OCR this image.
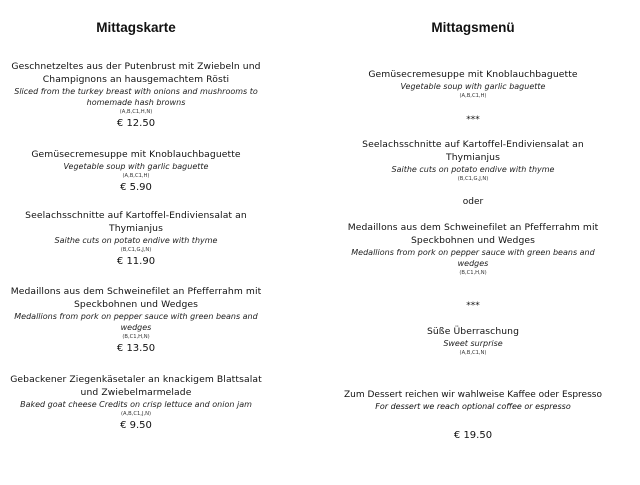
Mittagskarte
Geschnetzeltes aus der Putenbrust mit Zwiebeln und Champignons an hausgemachtem Rösti
Sliced from the turkey breast with onions and mushrooms to homemade hash browns
(A,B,C1,H,N)
€ 12.50
Gemüsecremesuppe mit Knoblauchbaguette
Vegetable soup with garlic baguette
(A,B,C1,H)
€ 5.90
Seelachsschnitte auf Kartoffel-Endiviensalat an Thymianjus
Saithe cuts on potato endive with thyme
(B,C1,G,J,N)
€ 11.90
Medaillons aus dem Schweinefilet an Pfefferrahm mit Speckbohnen und Wedges
Medallions from pork on pepper sauce with green beans and wedges
(B,C1,H,N)
€ 13.50
Gebackener Ziegenkäsetaler an knackigem Blattsalat und Zwiebelmarmelade
Baked goat cheese Credits on crisp lettuce and onion jam
(A,B,C1,J,N)
€ 9.50
Mittagsmenü
Gemüsecremesuppe mit Knoblauchbaguette
Vegetable soup with garlic baguette
(A,B,C1,H)
***
Seelachsschnitte auf Kartoffel-Endiviensalat an Thymianjus
Saithe cuts on potato endive with thyme
(B,C1,G,J,N)
oder
Medaillons aus dem Schweinefilet an Pfefferrahm mit Speckbohnen und Wedges
Medallions from pork on pepper sauce with green beans and wedges
(B,C1,H,N)
***
Süße Überraschung
Sweet surprise
(A,B,C1,N)
Zum Dessert reichen wir wahlweise Kaffee oder Espresso
For dessert we reach optional coffee or espresso
€ 19.50
